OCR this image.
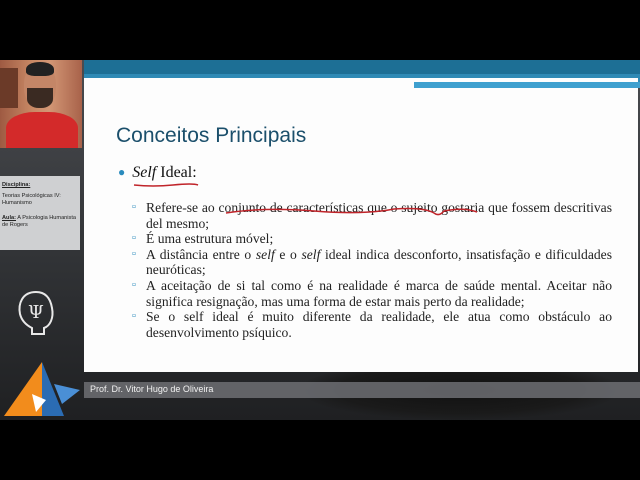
Conceitos Principais
● Self Ideal:

▫ Refere-se ao conjunto de características que o sujeito gostaria que fossem descritivas del mesmo;

▫ É uma estrutura móvel;

▫ A distância entre o self e o self ideal indica desconforto, insatisfação e dificuldades neuróticas;

▫ A aceitação de si tal como é na realidade é marca de saúde mental. Aceitar não significa resignação, mas uma forma de estar mais perto da realidade;

▫ Se o self ideal é muito diferente da realidade, ele atua como obstáculo ao desenvolvimento psíquico.

Disciplina:

Teorias Psicológicas IV: Humanismo

Aula: A Psicologia Humanista de Rogers

Ψ
Prof. Dr. Vitor Hugo de Oliveira
